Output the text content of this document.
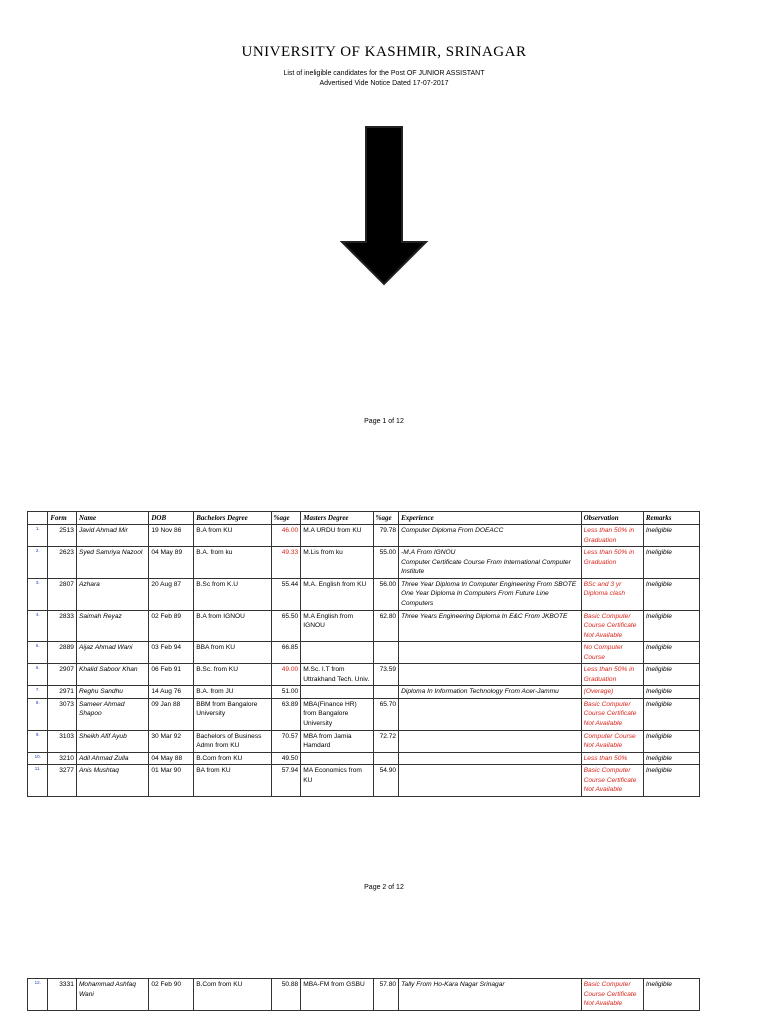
UNIVERSITY OF KASHMIR, SRINAGAR
List of ineligible candidates for the Post OF JUNIOR ASSISTANT
Advertised Vide Notice Dated 17-07-2017
Page 1 of 12
	Form	Name	DOB	Bachelors Degree	%age	Masters Degree	%age	Experience	Observation	Remarks
1.	2513	Javid Ahmad Mir	19 Nov 86	B.A from KU	46.00	M.A URDU from KU	79.78	Computer Diploma From DOEACC	Less than 50% in Graduation	Ineligible
2.	2623	Syed Samriya Nazool	04 May 89	B.A. from ku	49.33	M.Lis from ku	55.00	-M.A From IGNOU
Computer Certificate Course From International Computer Institute	Less than 50% in Graduation	Ineligible
3.	2807	Azhara	20 Aug 87	B.Sc from K.U	55.44	M.A. English from KU	56.00	Three Year Diploma In Computer Engineering From SBOTE
One Year Diploma In Computers From Future Line Computers	BSc and 3 yr Diploma clash	Ineligible
4.	2833	Saimah Reyaz	02 Feb 89	B.A from IGNOU	65.50	M.A English from IGNOU	62.80	Three Years Engineering Diploma In E&C From JKBOTE	Basic Computer Course Certificate Not Available	Ineligible
5.	2889	Aijaz Ahmad Wani	03 Feb 94	BBA from KU	66.85				No Computer Course	Ineligible
6.	2907	Khalid Saboor Khan	06 Feb 91	B.Sc. from KU	49.00	M.Sc. I.T from Uttrakhand Tech. Univ.	73.59		Less than 50% in Graduation	Ineligible
7.	2971	Reghu Sandhu	14 Aug 76	B.A. from JU	51.00			Diploma In Information Technology From Acer-Jammu	(Overage)	Ineligible
8.	3073	Sameer Ahmad Shapoo	09 Jan 88	BBM from Bangalore University	63.89	MBA(Finance HR) from Bangalore University	65.70		Basic Computer Course Certificate Not Available	Ineligible
9.	3103	Sheikh Afif Ayub	30 Mar 92	Bachelors of Business Admn from KU	70.57	MBA from Jamia Hamdard	72.72		Computer Course Not Available	Ineligible
10.	3210	Adil Ahmad Zulla	04 May 88	B.Com from KU	49.50				Less than 50%	Ineligible
11.	3277	Anis Mushtaq	01 Mar 90	BA from KU	57.94	MA Economics from KU	54.90		Basic Computer Course Certificate Not Available	Ineligible
Page 2 of 12
12.	3331	Mohammad Ashfaq Wani	02 Feb 90	B.Com from KU	50.88	MBA-FM from GSBU	57.80	Tally From Ho-Kara Nagar Srinagar	Basic Computer Course Certificate Not Available	Ineligible
